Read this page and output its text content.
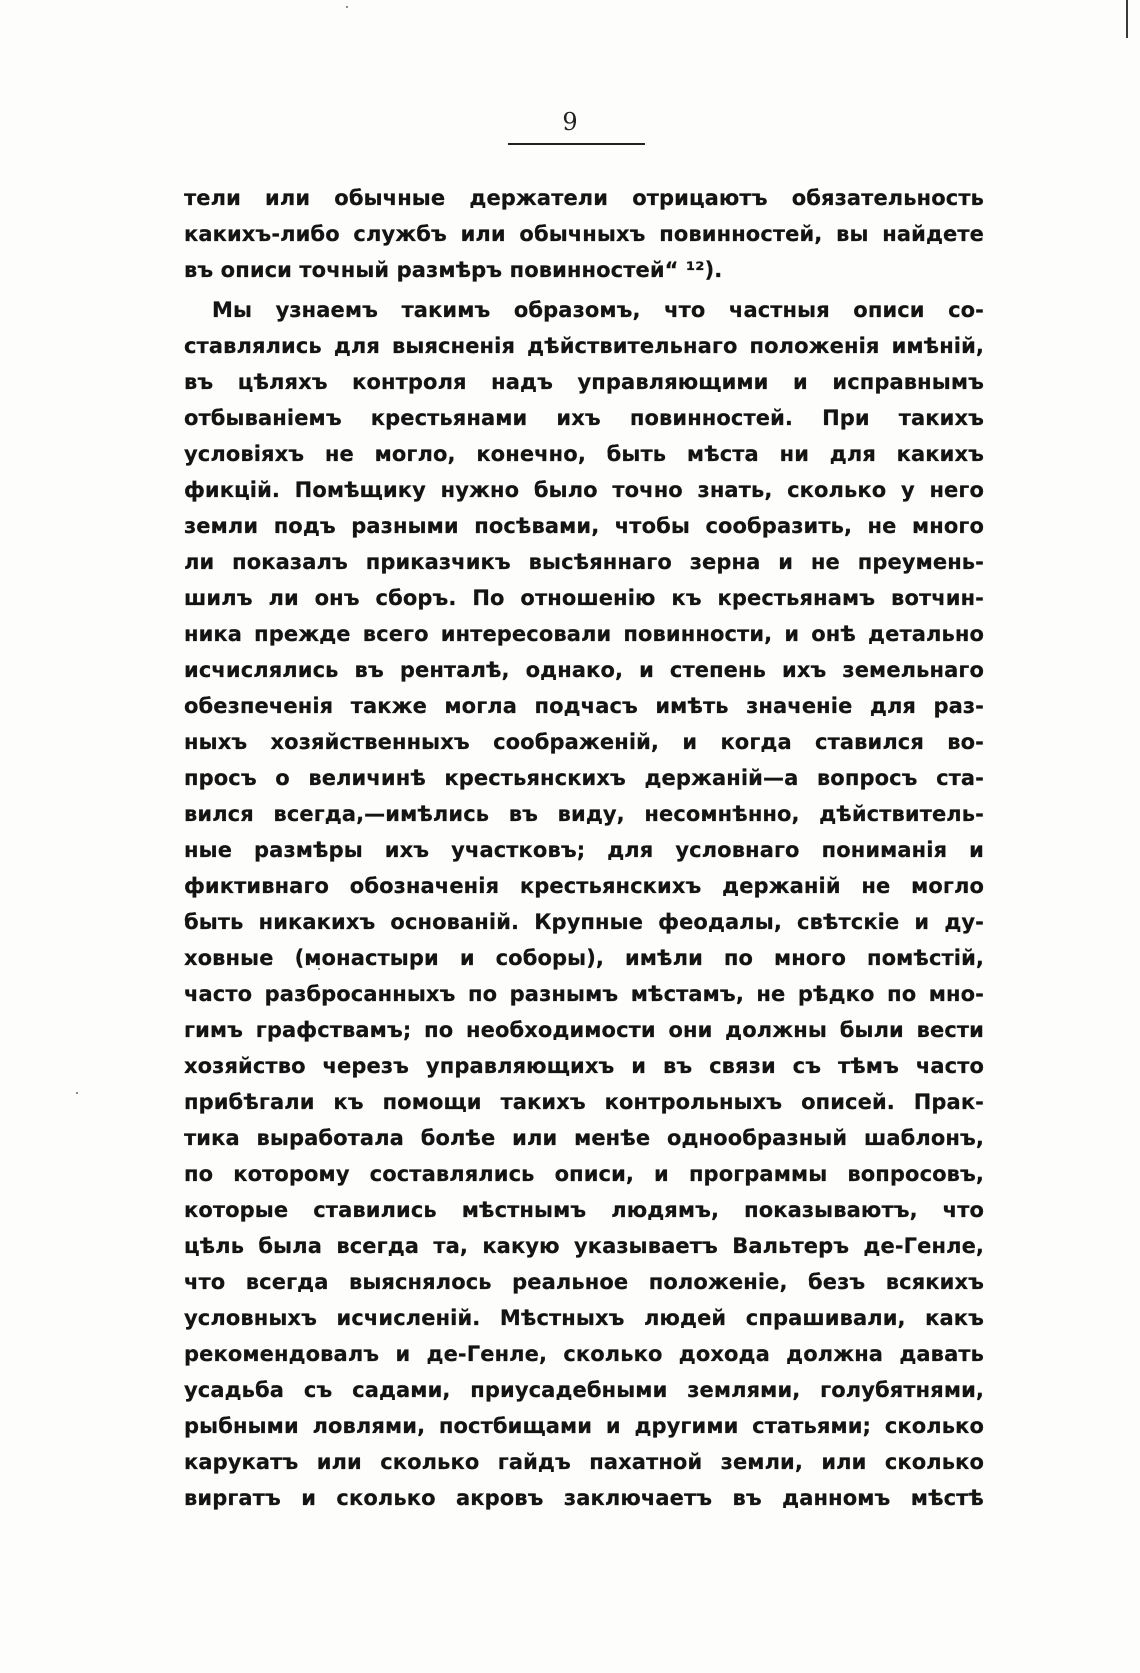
9
тели или обычные держатели отрицаютъ обязательность
какихъ-либо службъ или обычныхъ повинностей, вы найдете
въ описи точный размѣръ повинностей“ ¹²).
Мы узнаемъ такимъ образомъ, что частныя описи со-
ставлялись для выясненія дѣйствительнаго положенія имѣній,
въ цѣляхъ контроля надъ управляющими и исправнымъ
отбываніемъ крестьянами ихъ повинностей. При такихъ
условіяхъ не могло, конечно, быть мѣста ни для какихъ
фикцій. Помѣщику нужно было точно знать, сколько у него
земли подъ разными посѣвами, чтобы сообразить, не много
ли показалъ приказчикъ высѣяннаго зерна и не преумень-
шилъ ли онъ сборъ. По отношенію къ крестьянамъ вотчин-
ника прежде всего интересовали повинности, и онѣ детально
исчислялись въ ренталѣ, однако, и степень ихъ земельнаго
обезпеченія также могла подчасъ имѣть значеніе для раз-
ныхъ хозяйственныхъ соображеній, и когда ставился во-
просъ о величинѣ крестьянскихъ держаній—а вопросъ ста-
вился всегда,—имѣлись въ виду, несомнѣнно, дѣйствитель-
ные размѣры ихъ участковъ; для условнаго пониманія и
фиктивнаго обозначенія крестьянскихъ держаній не могло
быть никакихъ основаній. Крупные феодалы, свѣтскіе и ду-
ховные (монастыри и соборы), имѣли по много помѣстій,
часто разбросанныхъ по разнымъ мѣстамъ, не рѣдко по мно-
гимъ графствамъ; по необходимости они должны были вести
хозяйство черезъ управляющихъ и въ связи съ тѣмъ часто
прибѣгали къ помощи такихъ контрольныхъ описей. Прак-
тика выработала болѣе или менѣе однообразный шаблонъ,
по которому составлялись описи, и программы вопросовъ,
которые ставились мѣстнымъ людямъ, показываютъ, что
цѣль была всегда та, какую указываетъ Вальтеръ де-Генле,
что всегда выяснялось реальное положеніе, безъ всякихъ
условныхъ исчисленій. Мѣстныхъ людей спрашивали, какъ
рекомендовалъ и де-Генле, сколько дохода должна давать
усадьба съ садами, приусадебными землями, голубятнями,
рыбными ловлями, постбищами и другими статьями; сколько
карукатъ или сколько гайдъ пахатной земли, или сколько
виргатъ и сколько акровъ заключаетъ въ данномъ мѣстѣ
